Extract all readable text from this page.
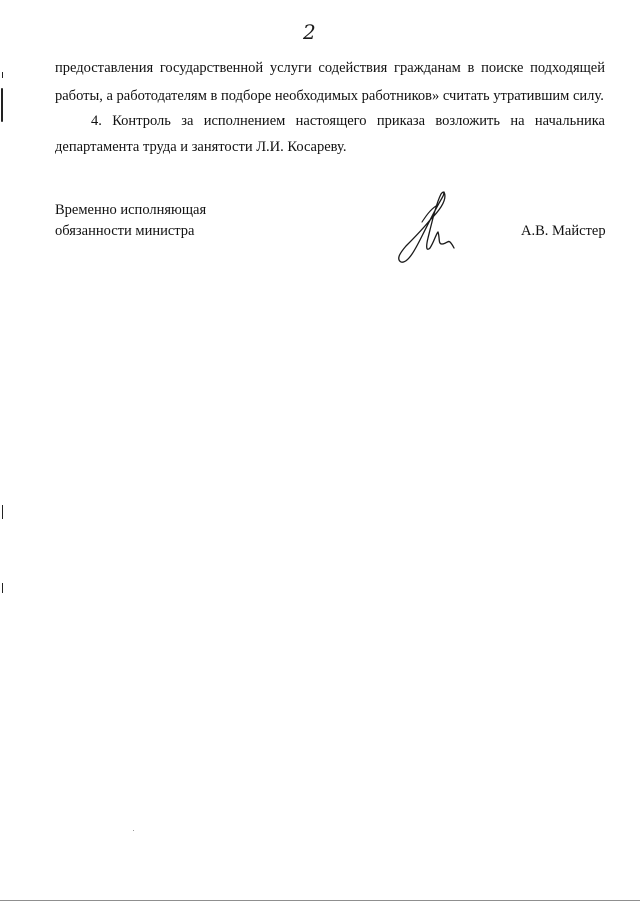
2
предоставления государственной услуги содействия гражданам в поиске подходящей
работы, а работодателям в подборе необходимых работников» считать утратившим силу.
4. Контроль за исполнением настоящего приказа возложить на начальника
департамента труда и занятости Л.И. Косареву.
Временно исполняющая
обязанности министра	А.В. Майстер
